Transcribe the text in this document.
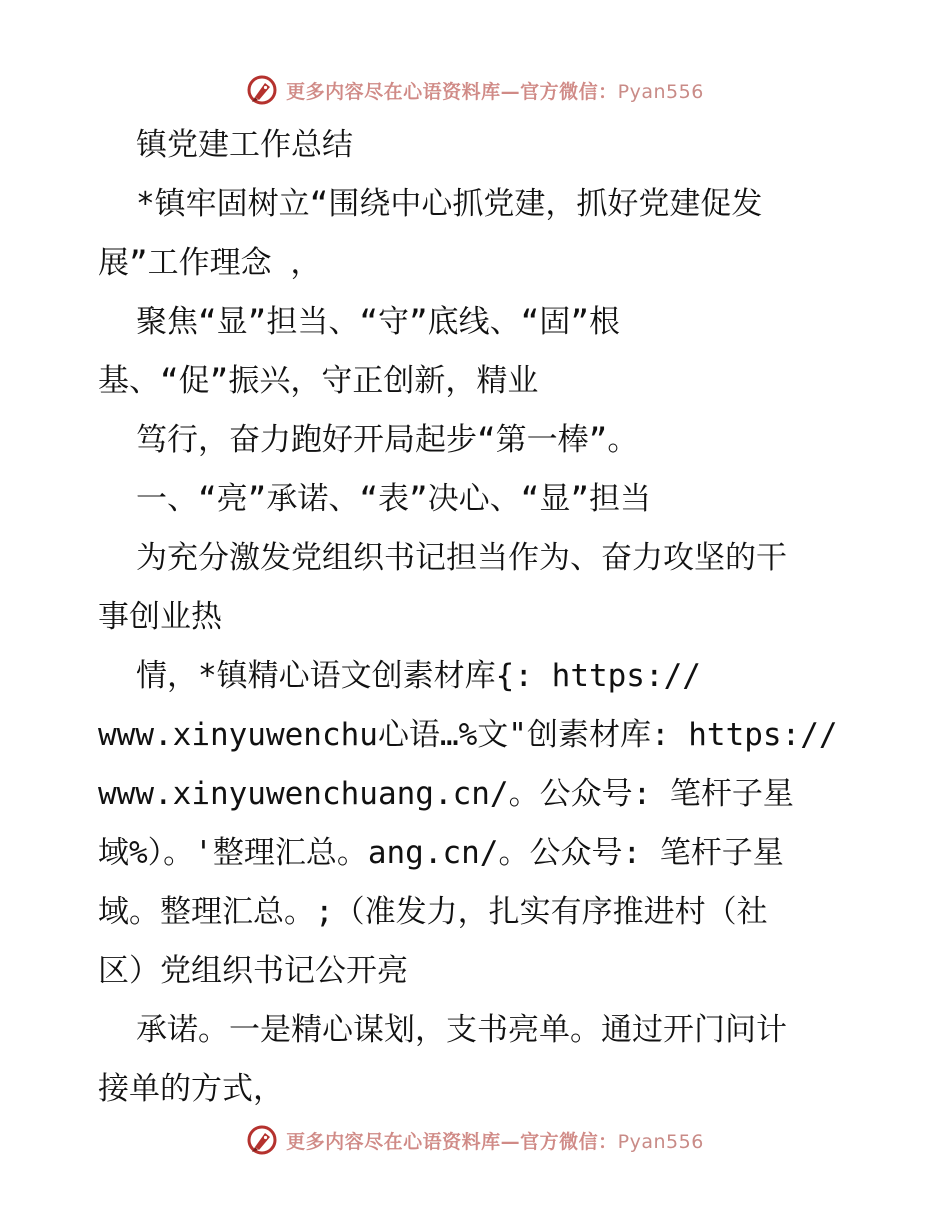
更多内容尽在心语资料库—官方微信：Pyan556

镇党建工作总结

*镇牢固树立“围绕中心抓党建，抓好党建促发

展”工作理念 ，

聚焦“显”担当、“守”底线、“固”根

基、“促”振兴，守正创新，精业

笃行，奋力跑好开局起步“第一棒”。

一、“亮”承诺、“表”决心、“显”担当

为充分激发党组织书记担当作为、奋力攻坚的干

事创业热

情，*镇精心语文创素材库{: https://

www.xinyuwenchu心语…%文"创素材库: https://

www.xinyuwenchuang.cn/。公众号: 笔杆子星

域%）。'整理汇总。ang.cn/。公众号: 笔杆子星

域。整理汇总。;（准发力，扎实有序推进村（社

区）党组织书记公开亮

承诺。一是精心谋划，支书亮单。通过开门问计

接单的方式，

更多内容尽在心语资料库—官方微信：Pyan556
